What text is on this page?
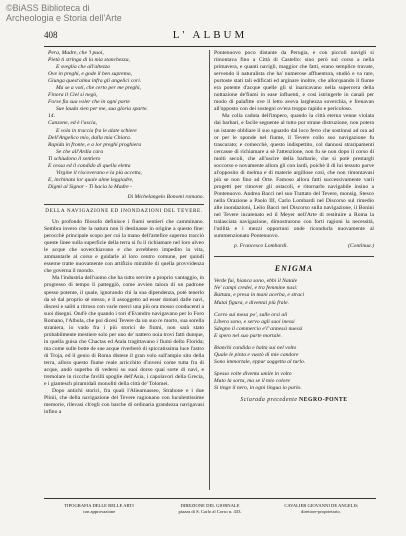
©BiASS Biblioteca di
Archeologia e Storia dell'Arte
408	L' ALBUM

Pera, Madre, che 'l puoi,

Pietà ti stringa di la mia stanchezza,

E sveglia che all'altezza

Ove in preghi, e gode il ben supremo,

Giunga quest'alma infra gli angelici cori.

Ma se a voti, che certo per me preghi,

Finora il Ciel si negò,

Forse fia sua voler che in ogni parte

Sue lauda sien per me, sua gloria sparte.

14.

Canzone, ed è l'ascia,

E vola in traccia fra le alate schiere

Dell'Angelico mio, dalla mia Chiara.

Rapida in fronte, e a lor preghi proghiera

Se che all'Ardia cara

Ti schiudono il sentiero

E cessa ed il candido di quella eletta

Virgine il riscoverano e la più accetta,

E, inchinata lor quale alme leggiadre,

Digmi al Signor - Ti bacia la Madre -

Di Michelangelo Bonomi romano.
DELLA NAVIGAZIONE ED INONDAZIONI DEL TEVERE.

Un profondo filosofo definisce i fiumi sentieri che camminano. Sembra invero che la natura non li destinasse in origine a questo fine: perocchè principale scopo per cui la mano dell'artefice superno tracciò queste linee sulla superficie della terra si fu il richiamare nel loro alveo le acque che soverchiavano e che avrebbero impedito la vita, ammantarle al corso e guidarle al loro centro comune, per quindi esserne tratte nuovamente con artifizio mirabile di quella provvidenza che governa il mondo.

Ma l'industria dell'uomo che ha tutto servire a proprio vantaggio, in progresso di tempo li patteggiò, come avvien talora di un padrone spesso potente, il quale, ignorando chi la sua dipendenza, potè tenerlo da sè dal proprio sè stesso, e il assoggetto ad esser domati dalle navi, discesi e saliti a ritroso con varie merci una più ora mosso conducenti a suoi disegni. Ond'è che quando i tori d'Evandro navigavano per lo Foro Romano, l'Albula, che poi dicesi Tevere da un suo re morto, sua sorella straniera, io vado fra i più storici de fiumi, non sarà stato probabilmente mestiere solo per uno de' nattero noia trovi fatti dunque, in quella guisa che Chactas ed Atala tragittavano i fiumi dello Florida; ma come sulle botte de sue acque riverberò di spiccatissima luce l'astro di Troja, ed il genio di Roma distese il gran volo sull'ampio sito della terra, allora questo fiume reale arricchito d'inveni come tutta fra di acque, andò superbo di vedersi su suoi dorso quai sorte di navi, e tremolare in riccche favilli spoglie dell'Asia, i capolavori della Grecia, e i giantesch piramidali monoliti della città de' Tolomei.

Dopo antichi storici, fra quali l'Aliearnasseo, Strabone e i due Plinii, che della navigazione del Tevere ragionano con luculentissime memorie, rilevasi ch'egli con barche di ordinaria grandezza navigavasi infino a

Pontenuovo poco distante da Perugia, e con piccoli navigli si rimontava fino a Città di Castello: sino però sul corso a nella primavera, e quanti navigli, maggior che fatti, erano semplice travate, servendo il naturalista che ha' numerose affluentura, studiò e va rare, purtoste stati tali edificati ed arginare inoltre, che allorquando il fiume era potente d'acque quelle gli si inaricavano nella supercera della nottazione de'fiumi in ease influenti, e così istringerle in canali per modo di palafitte ove il letto aveva larghezza soverchia, e frenavan all'opposto con dei sostegni ov'era troppo rapido e pericoloso.

Ma colla caduta dell'impero, quando la città eterna venne violata dai barbari, e facile seguente al tutto por strane distruzione, non potera un istante obbliare il suo sguardo dal loco ferro che sostinnsi ad ora ad or per le sponde nel fiume, il Tevere collo suo navigazione fu trascurato; e comecchè, questo indispettito, col dannosi straripamenti cercasse di richiamare a sè l'attenzione, non fu se non dopo il corso di molti secoli, che all'uscire della barbarie, che si potè prestargli soccorso e novamente allora gli con lardi, poichè il di lui tessuto parve al'opposito di melma e di materie argillose cosi, che non rimontavasi più se non fino ad Orte. Famoso allora fatti successivamente varii progetti per rimover gli ostacoli, e ritornarlo navigabile insino a Pontenuovo. Andrea Bacci nel suo Trattato del Tevere, monsig. Stesco nella Orazione a Paolo III, Carlo Lombardi nel Discorso sul rimedio alle inondazioni, Lelio Bacci nel Discorso sulla navigazione, il Bonini nel Tevere incatenato ed il Meyer nell'Arte di restituire a Roma la tralasciata navigazione, dimostrarono con forti ragioni la necessità, l'utilità e i mezzi opportuni onde ricondurla nuovamente al summenzionato Pontenuovo.

p. Francesco Lombardi.	(Continua.)
ENIGMA

Verde fui, bianca sono, ebbi il Natale

Ne' campi credei, e tra femmine nasi:

Battuta, e presa in mani acerba, e straci

Mutai figura, e diventai più frale.

Corro sui mesa po', sulle orsi ali

Libera sono, e servo agli suoi inessi

Sdegno il commercio e'l’ annessi nuessi

E spero nel suo parte mortale.

Bianchi candida e balta sui nel volto

Quale le pinta e vuotò di mie candore

Sono immortale, eppur soggetta al turlo.

Spesso volte diventa umile in volto

Muto la sorta, ma se il mio colore

Si tinge il nero, in ogni lingua io parlo.

Sciarada precedente NEGRO-PONTE
TIPOGRAFIA DELLE BELLE ARTI
con approvazione
DIREZIONE DEL GIORNALE
piazza di S. Carlo al Corso n. 433.
CAVALIER GIOVANNI DE ANGELIS
direttore-proprietario.
